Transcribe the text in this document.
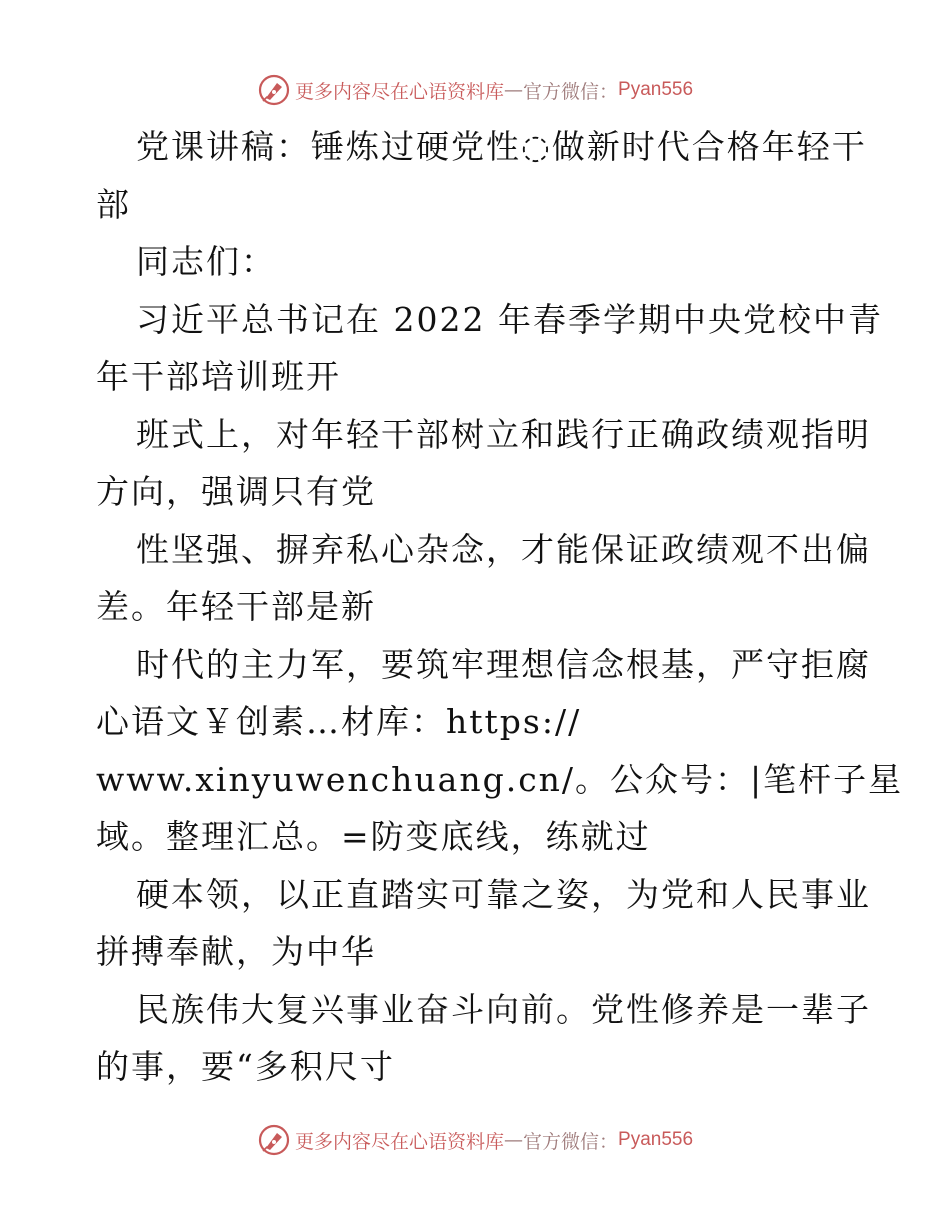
更多内容尽在心语资料库 — 官方微信 ： Pyan556
党课讲稿：锤炼过硬党性◌做新时代合格年轻干
部
同志们：
习近平总书记在 2022 年春季学期中央党校中青
年干部培训班开
班式上，对年轻干部树立和践行正确政绩观指明
方向，强调只有党
性坚强、摒弃私心杂念，才能保证政绩观不出偏
差。年轻干部是新
时代的主力军，要筑牢理想信念根基，严守拒腐
心语文￥创素…材库：https://
www.xinyuwenchuang.cn/。公众号：|笔杆子星
域。整理汇总。=防变底线，练就过
硬本领，以正直踏实可靠之姿，为党和人民事业
拼搏奉献，为中华
民族伟大复兴事业奋斗向前。党性修养是一辈子
的事，要“多积尺寸
更多内容尽在心语资料库 — 官方微信 ： Pyan556
